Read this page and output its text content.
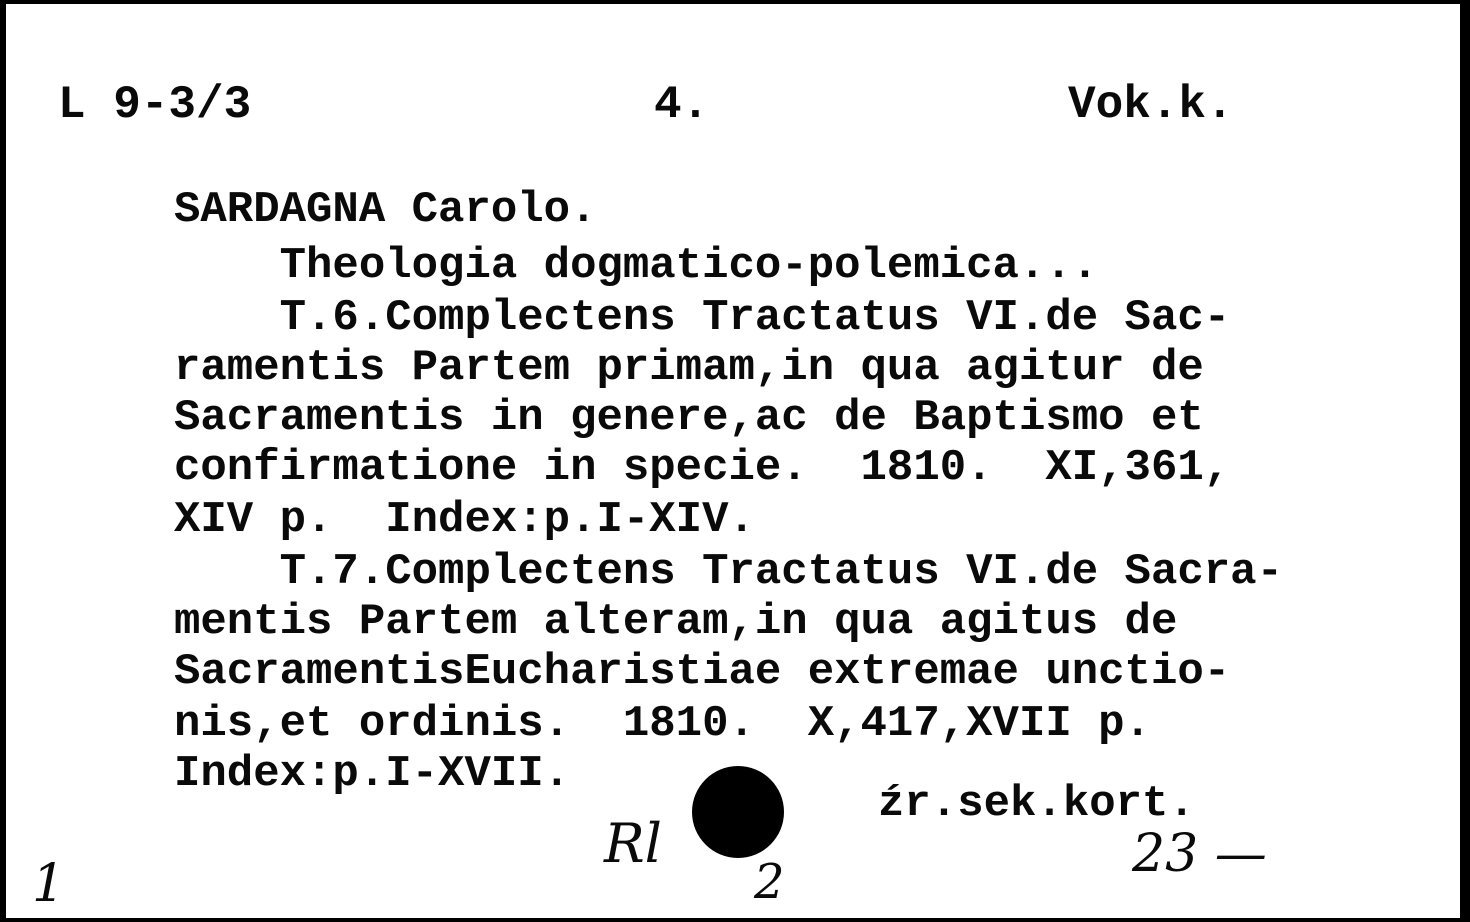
L 9-3/3	4.	Vok.k.
SARDAGNA Carolo.
Theologia dogmatico-polemica...
T.6.Complectens Tractatus VI.de Sac-
ramentis Partem primam,in qua agitur de
Sacramentis in genere,ac de Baptismo et
confirmatione in specie.  1810.  XI,361,
XIV p.  Index:p.I-XIV.
T.7.Complectens Tractatus VI.de Sacra-
mentis Partem alteram,in qua agitus de
SacramentisEucharistiae extremae unctio-
nis,et ordinis.  1810.  X,417,XVII p.
Index:p.I-XVII.
źr.sek.kort.
1
Rl
2	23 —
